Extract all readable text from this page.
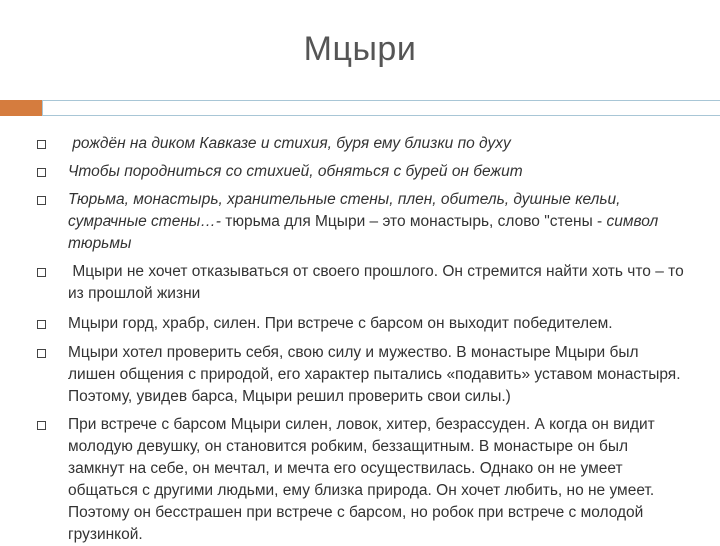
Мцыри
рождён на диком Кавказе и стихия, буря ему близки по духу
Чтобы породниться со стихией, обняться с бурей он бежит
Тюрьма, монастырь, хранительные стены, плен, обитель, душные кельи, сумрачные стены…- тюрьма для Мцыри – это монастырь, слово "стены - символ тюрьмы
Мцыри не хочет отказываться от своего прошлого. Он стремится найти хоть что – то из прошлой жизни
Мцыри горд, храбр, силен. При встрече с барсом он выходит победителем.
Мцыри хотел проверить себя, свою силу и мужество. В монастыре Мцыри был лишен общения с природой, его характер пытались «подавить» уставом монастыря. Поэтому, увидев барса, Мцыри решил проверить свои силы.)
При встрече с барсом Мцыри силен, ловок, хитер, безрассуден. А когда он видит молодую девушку, он становится робким, беззащитным. В монастыре он был замкнут на себе, он мечтал, и мечта его осуществилась. Однако он не умеет общаться с другими людьми, ему близка природа. Он хочет любить, но не умеет. Поэтому он бесстрашен при встрече с барсом, но робок при встрече с молодой грузинкой.
